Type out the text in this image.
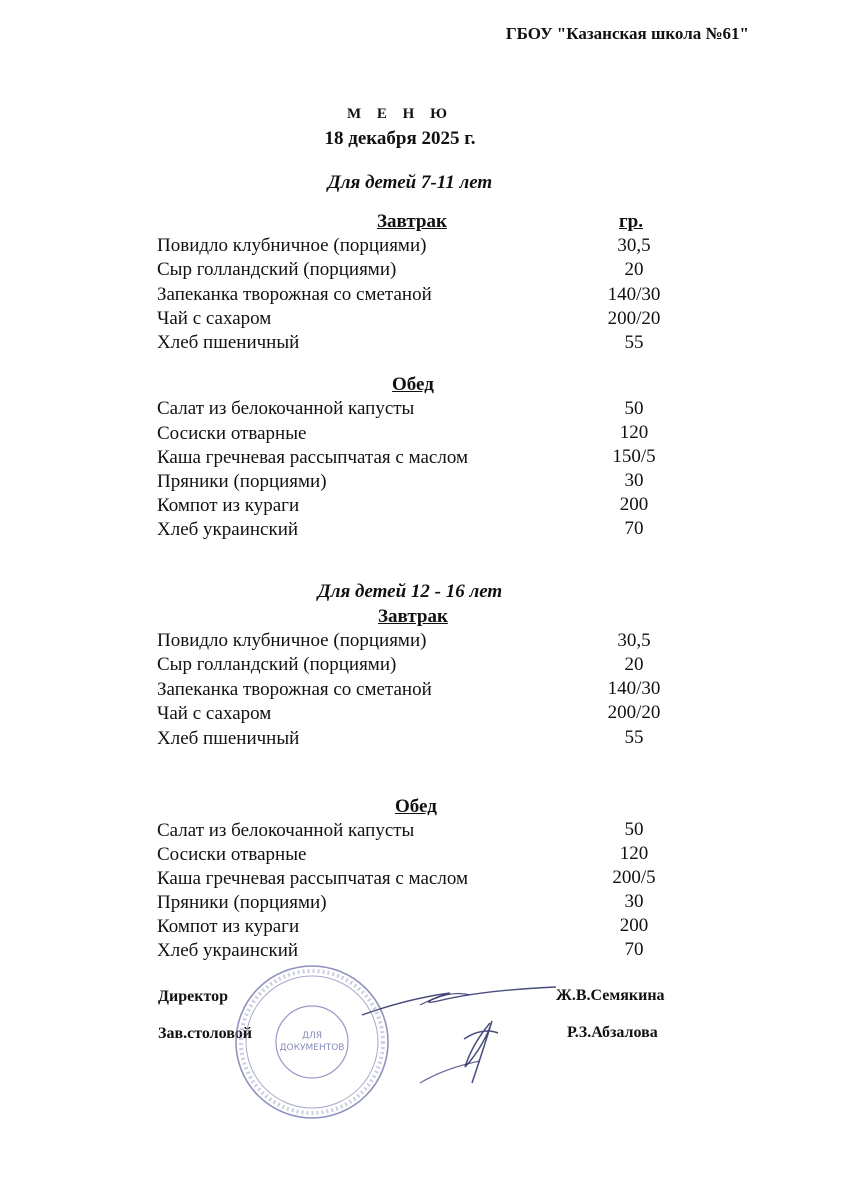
ГБОУ "Казанская школа №61"
М Е Н Ю
18 декабря 2025 г.
Для детей 7-11 лет
Завтрак	гр.
Повидло клубничное (порциями)	30,5
Сыр голландский (порциями)	20
Запеканка творожная со сметаной	140/30
Чай с сахаром	200/20
Хлеб пшеничный	55
Обед
Салат из белокочанной капусты	50
Сосиски отварные	120
Каша гречневая рассыпчатая с маслом	150/5
Пряники (порциями)	30
Компот из кураги	200
Хлеб украинский	70
Для детей 12 - 16 лет
Завтрак
Повидло клубничное (порциями)	30,5
Сыр голландский (порциями)	20
Запеканка творожная со сметаной	140/30
Чай с сахаром	200/20
Хлеб пшеничный	55
Обед
Салат из белокочанной капусты	50
Сосиски отварные	120
Каша гречневая рассыпчатая с маслом	200/5
Пряники (порциями)	30
Компот из кураги	200
Хлеб украинский	70
Директор	Ж.В.Семякина
Зав.столовой	Р.З.Абзалова
ДЛЯ
ДОКУМЕНТОВ
